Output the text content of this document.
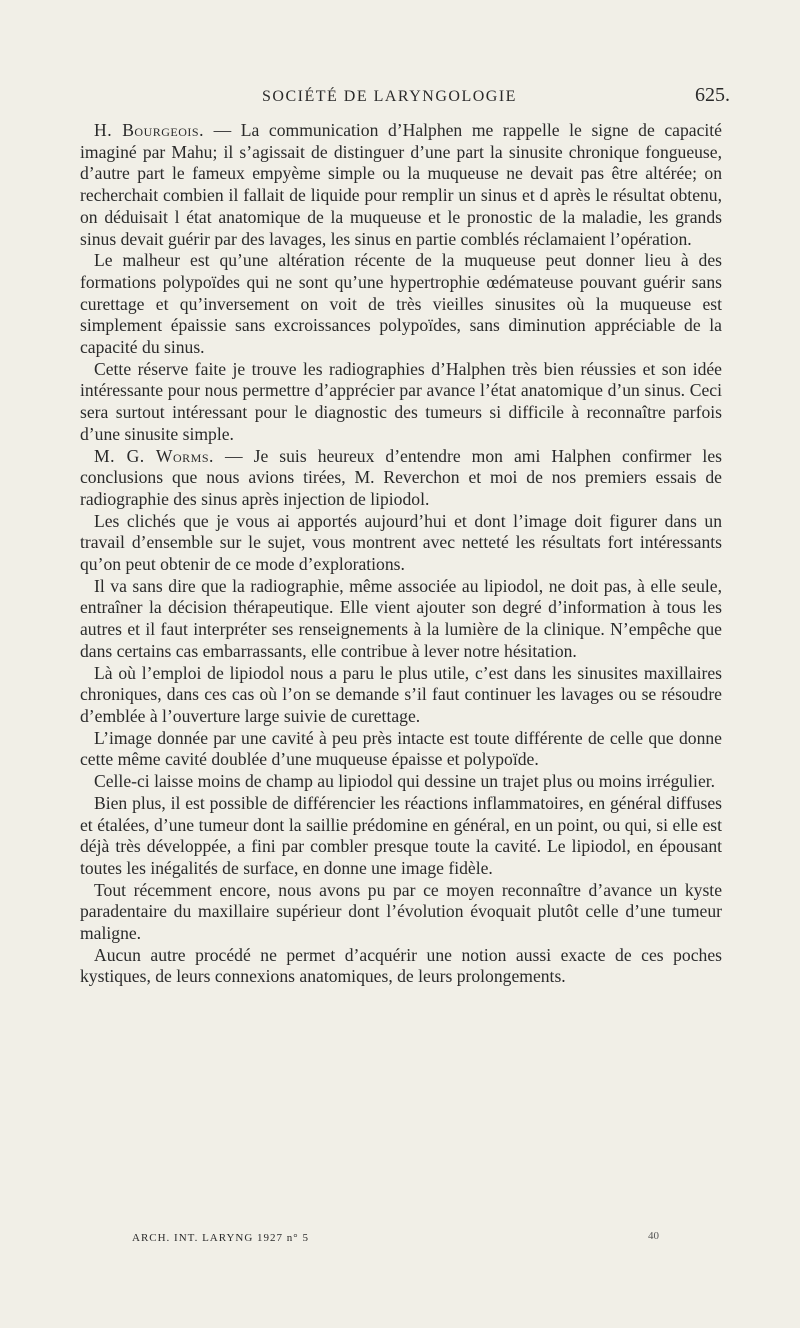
SOCIÉTÉ DE LARYNGOLOGIE	625.

H. Bourgeois. — La communication d’Halphen me rappelle le signe de capacité imaginé par Mahu; il s’agissait de distinguer d’une part la sinusite chronique fongueuse, d’autre part le fameux empyème simple ou la muqueuse ne devait pas être altérée; on recherchait combien il fallait de liquide pour remplir un sinus et d après le résultat obtenu, on déduisait l état anatomique de la muqueuse et le pronostic de la maladie, les grands sinus devait guérir par des lavages, les sinus en partie comblés réclamaient l’opération.

Le malheur est qu’une altération récente de la muqueuse peut donner lieu à des formations polypoïdes qui ne sont qu’une hypertrophie œdémateuse pouvant guérir sans curettage et qu’inversement on voit de très vieilles sinusites où la muqueuse est simplement épaissie sans excroissances polypoïdes, sans diminution appréciable de la capacité du sinus.

Cette réserve faite je trouve les radiographies d’Halphen très bien réussies et son idée intéressante pour nous permettre d’apprécier par avance l’état anatomique d’un sinus. Ceci sera surtout intéressant pour le diagnostic des tumeurs si difficile à reconnaître parfois d’une sinusite simple.

M. G. Worms. — Je suis heureux d’entendre mon ami Halphen confirmer les conclusions que nous avions tirées, M. Reverchon et moi de nos premiers essais de radiographie des sinus après injection de lipiodol.

Les clichés que je vous ai apportés aujourd’hui et dont l’image doit figurer dans un travail d’ensemble sur le sujet, vous montrent avec netteté les résultats fort intéressants qu’on peut obtenir de ce mode d’explorations.

Il va sans dire que la radiographie, même associée au lipiodol, ne doit pas, à elle seule, entraîner la décision thérapeutique. Elle vient ajouter son degré d’information à tous les autres et il faut interpréter ses renseignements à la lumière de la clinique. N’empêche que dans certains cas embarrassants, elle contribue à lever notre hésitation.

Là où l’emploi de lipiodol nous a paru le plus utile, c’est dans les sinusites maxillaires chroniques, dans ces cas où l’on se demande s’il faut continuer les lavages ou se résoudre d’emblée à l’ouverture large suivie de curettage.

L’image donnée par une cavité à peu près intacte est toute différente de celle que donne cette même cavité doublée d’une muqueuse épaisse et polypoïde.

Celle-ci laisse moins de champ au lipiodol qui dessine un trajet plus ou moins irrégulier.

Bien plus, il est possible de différencier les réactions inflammatoires, en général diffuses et étalées, d’une tumeur dont la saillie prédomine en général, en un point, ou qui, si elle est déjà très développée, a fini par combler presque toute la cavité. Le lipiodol, en épousant toutes les inégalités de surface, en donne une image fidèle.

Tout récemment encore, nous avons pu par ce moyen reconnaître d’avance un kyste paradentaire du maxillaire supérieur dont l’évolution évoquait plutôt celle d’une tumeur maligne.

Aucun autre procédé ne permet d’acquérir une notion aussi exacte de ces poches kystiques, de leurs connexions anatomiques, de leurs prolongements.

ARCH. INT. LARYNG 1927 n° 5	40
